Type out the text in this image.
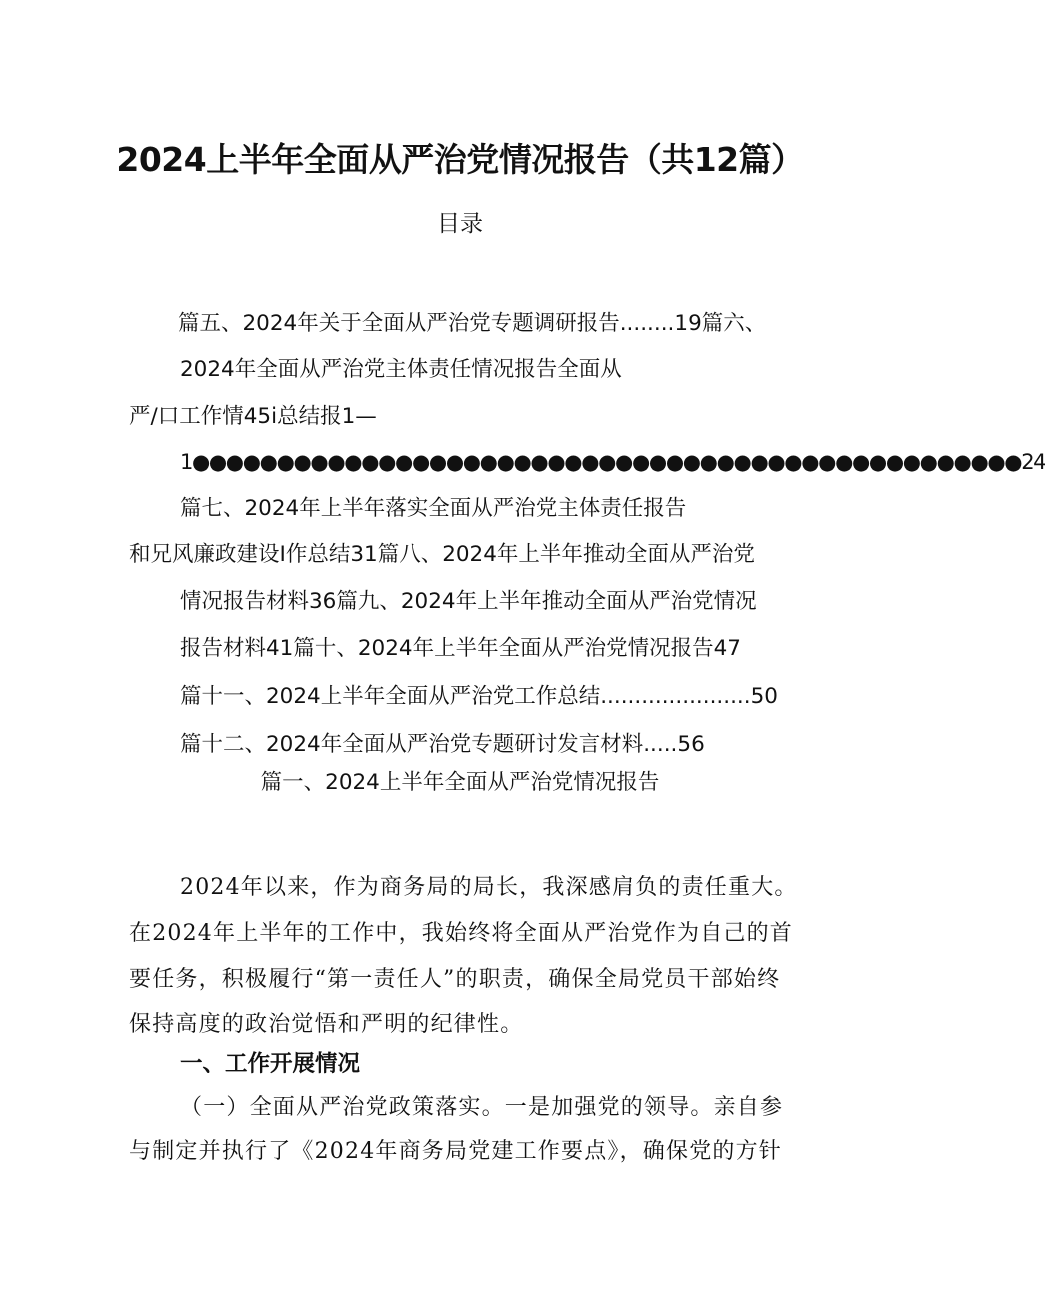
2024上半年全面从严治党情况报告（共12篇）
目录
篇五、2024年关于全面从严治党专题调研报告........19篇六、
2024年全面从严治党主体责任情况报告全面从
严/口工作情45i总结报1—
1●●●●●●●●●●●●●●●●●●●●●●●●●●●●●●●●●●●●●●●●●●●●●●●●●24
篇七、2024年上半年落实全面从严治党主体责任报告
和兄风廉政建设I作总结31篇八、2024年上半年推动全面从严治党
情况报告材料36篇九、2024年上半年推动全面从严治党情况
报告材料41篇十、2024年上半年全面从严治党情况报告47
篇十一、2024上半年全面从严治党工作总结......................50
篇十二、2024年全面从严治党专题研讨发言材料.....56
篇一、2024上半年全面从严治党情况报告
2024年以来，作为商务局的局长，我深感肩负的责任重大。
在2024年上半年的工作中，我始终将全面从严治党作为自己的首
要任务，积极履行“第一责任人”的职责，确保全局党员干部始终
保持高度的政治觉悟和严明的纪律性。
一、工作开展情况
（一）全面从严治党政策落实。一是加强党的领导。亲自参
与制定并执行了《2024年商务局党建工作要点》，确保党的方针
